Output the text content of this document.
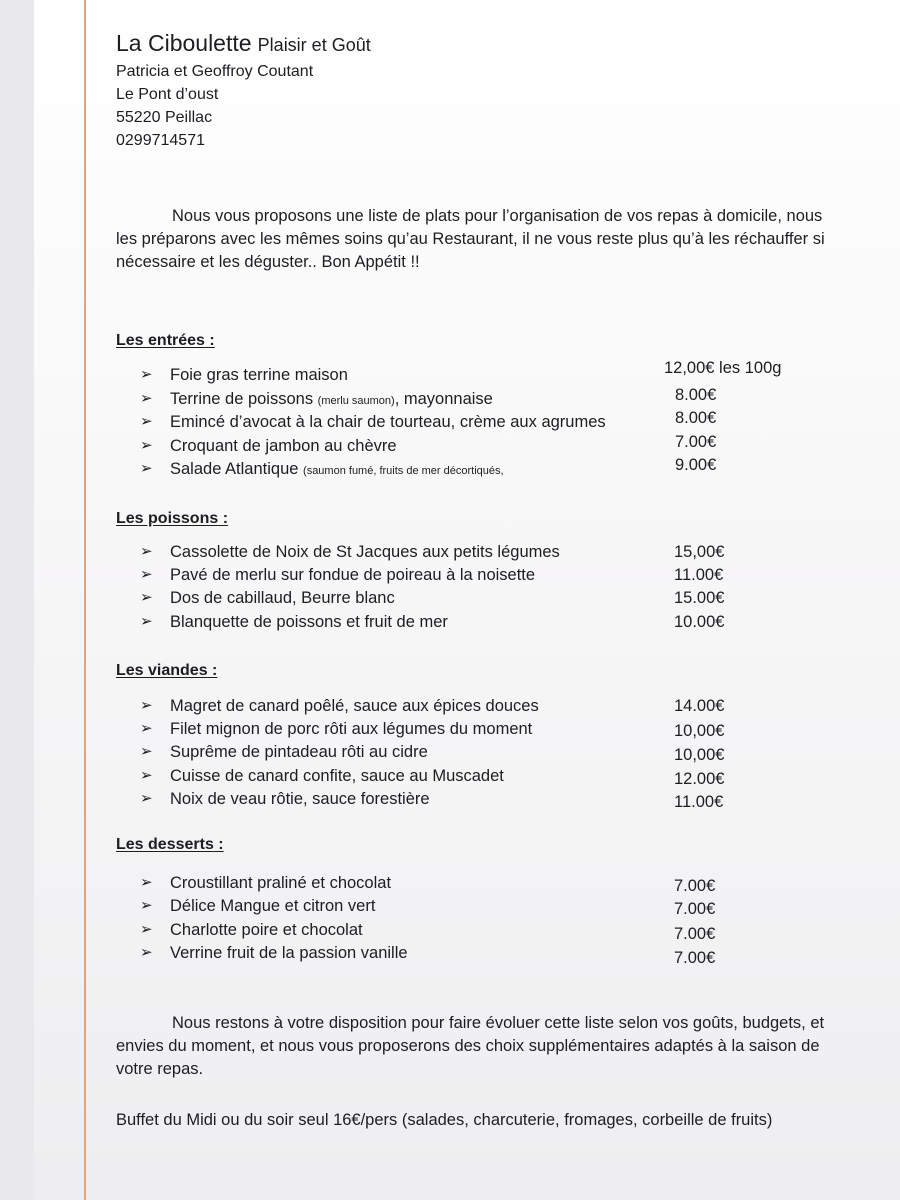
La Ciboulette Plaisir et Goût
Patricia et Geoffroy Coutant
Le Pont d’oust
55220 Peillac
0299714571
Nous vous proposons une liste de plats pour l’organisation de vos repas à domicile, nous les préparons avec les mêmes soins qu’au Restaurant, il ne vous reste plus qu’à les réchauffer si nécessaire et les déguster.. Bon Appétit !!
Les entrées :
➢ Foie gras terrine maison	12,00€ les 100g
➢ Terrine de poissons (merlu saumon), mayonnaise	8.00€
➢ Emincé d’avocat à la chair de tourteau, crème aux agrumes	8.00€
➢ Croquant de jambon au chèvre	7.00€
➢ Salade Atlantique (saumon fumé, fruits de mer décortiqués,	9.00€
Les poissons :
➢ Cassolette de Noix de St Jacques aux petits légumes	15,00€
➢ Pavé de merlu sur fondue de poireau à la noisette	11.00€
➢ Dos de cabillaud, Beurre blanc	15.00€
➢ Blanquette de poissons et fruit de mer	10.00€
Les viandes :
➢ Magret de canard poêlé, sauce aux épices douces	14.00€
➢ Filet mignon de porc rôti aux légumes du moment	10,00€
➢ Suprême de pintadeau rôti au cidre	10,00€
➢ Cuisse de canard confite, sauce au Muscadet	12.00€
➢ Noix de veau rôtie, sauce forestière	11.00€
Les desserts :
➢ Croustillant praliné et chocolat	7.00€
➢ Délice Mangue et citron vert	7.00€
➢ Charlotte poire et chocolat	7.00€
➢ Verrine fruit de la passion vanille	7.00€
Nous restons à votre disposition pour faire évoluer cette liste selon vos goûts, budgets, et envies du moment, et nous vous proposerons des choix supplémentaires adaptés à la saison de votre repas.
Buffet du Midi ou du soir seul 16€/pers (salades, charcuterie, fromages, corbeille de fruits)
